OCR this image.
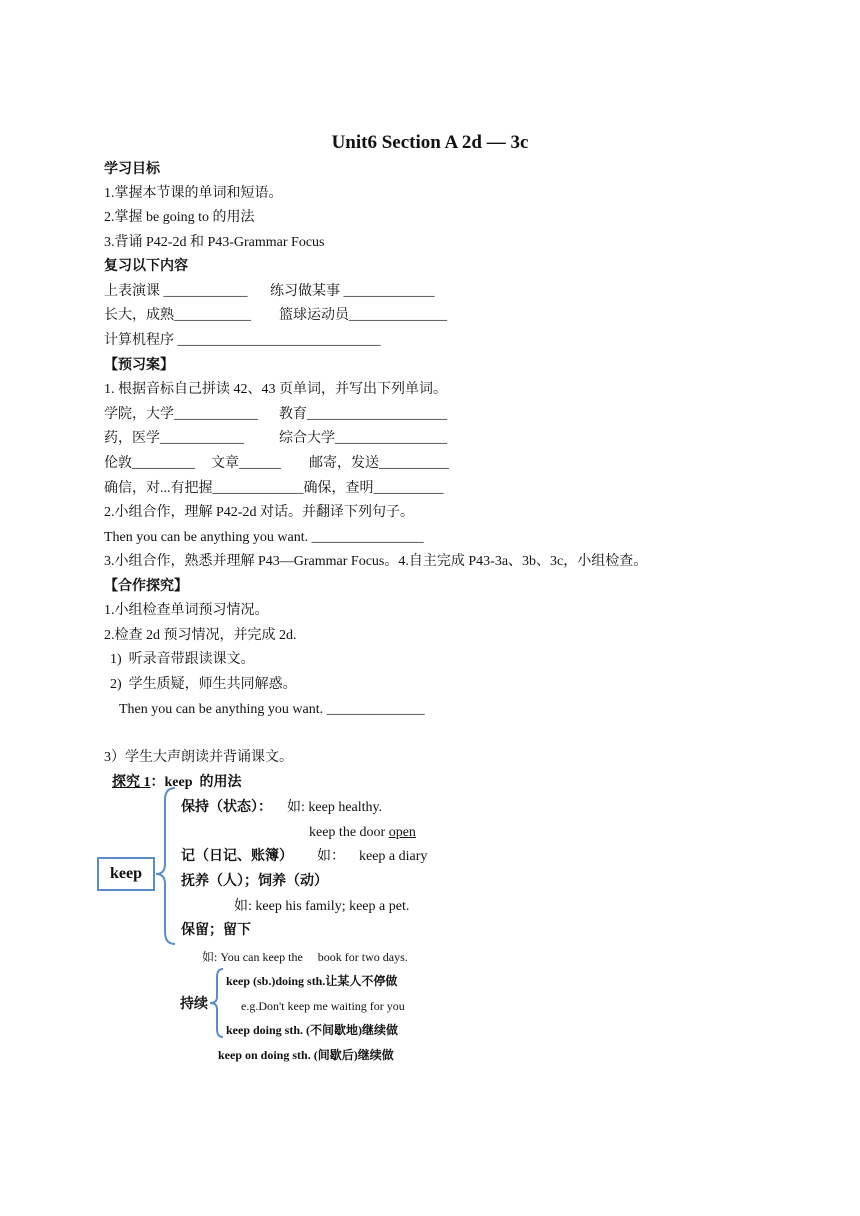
Unit6 Section A 2d — 3c
学习目标
1.掌握本节课的单词和短语。
2.掌握 be going to 的用法
3.背诵 P42-2d 和 P43-Grammar Focus
复习以下内容
上表演课 ____________ 练习做某事 _____________
长大，成熟___________ 篮球运动员______________
计算机程序 _____________________________
【预习案】
1. 根据音标自己拼读 42、43 页单词，并写出下列单词。
学院，大学____________ 教育____________________
药，医学____________	综合大学________________
伦敦_________ 文章______ 邮寄，发送__________
确信，对...有把握_____________确保，查明__________
2.小组合作，理解 P42-2d 对话。并翻译下列句子。
Then you can be anything you want. ________________
3.小组合作，熟悉并理解 P43—Grammar Focus。4.自主完成 P43-3a、3b、3c，小组检查。
【合作探究】
1.小组检查单词预习情况。
2.检查 2d 预习情况，并完成 2d.
1)  听录音带跟读课文。
2)  学生质疑，师生共同解惑。
Then you can be anything you want. ______________
3）学生大声朗读并背诵课文。
探究 1：keep  的用法
keep
保持（状态）： 如: keep healthy.
keep the door open
记（日记、账簿） 如：    keep a diary
抚养（人）；饲养（动）
如: keep his family; keep a pet.
保留；留下
如: You can keep the     book for two days.
持续
keep (sb.)doing sth.让某人不停做
e.g.Don't keep me waiting for you
keep doing sth. (不间歇地)继续做
keep on doing sth. (间歇后)继续做
